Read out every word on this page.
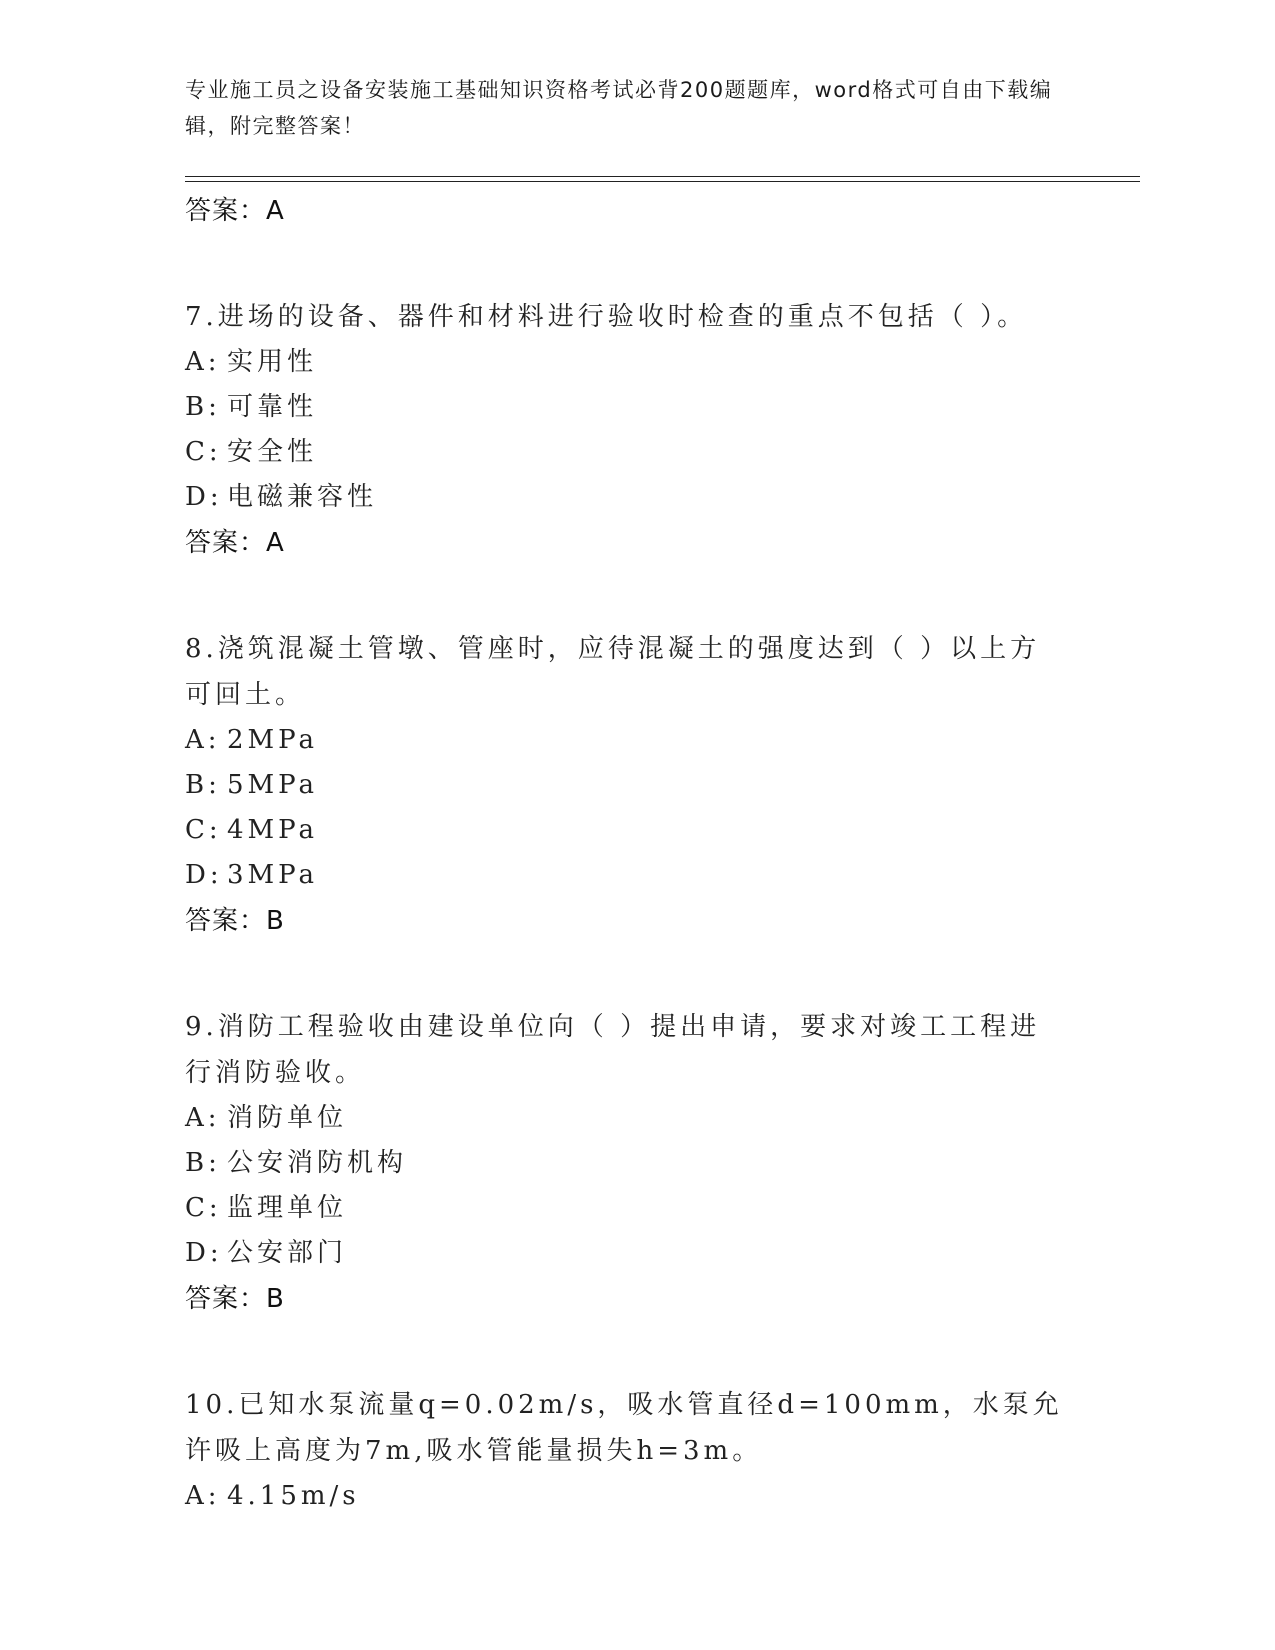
专业施工员之设备安装施工基础知识资格考试必背200题题库，word格式可自由下载编辑，附完整答案！
答案：A
7.进场的设备、器件和材料进行验收时检查的重点不包括（ ）。
A: 实用性
B: 可靠性
C: 安全性
D: 电磁兼容性
答案：A
8.浇筑混凝土管墩、管座时，应待混凝土的强度达到（ ）以上方可回土。
A: 2MPa
B: 5MPa
C: 4MPa
D: 3MPa
答案：B
9.消防工程验收由建设单位向（ ）提出申请，要求对竣工工程进行消防验收。
A: 消防单位
B: 公安消防机构
C: 监理单位
D: 公安部门
答案：B
10.已知水泵流量q=0.02m/s，吸水管直径d=100mm，水泵允许吸上高度为7m,吸水管能量损失h=3m。
A: 4.15m/s
